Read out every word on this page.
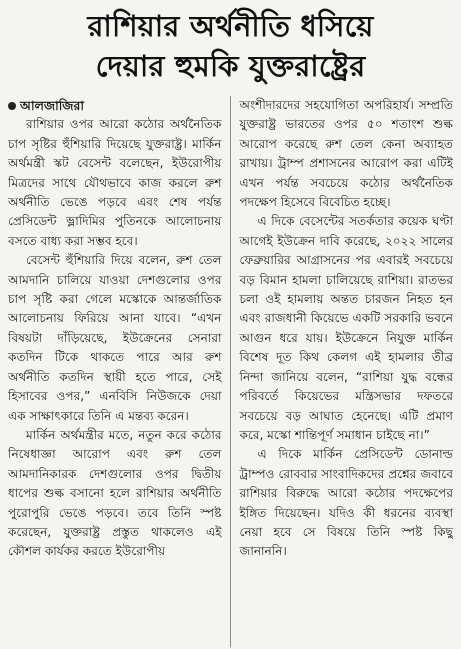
রাশিয়ার অর্থনীতি ধসিয়ে
দেয়ার হুমকি যুক্তরাষ্ট্রের
আলজাজিরা

রাশিয়ার ওপর আরো কঠোর অর্থনৈতিক চাপ সৃষ্টির হুঁশিয়ারি দিয়েছে যুক্তরাষ্ট্র। মার্কিন অর্থমন্ত্রী স্কট বেসেন্ট বলেছেন, ইউরোপীয় মিত্রদের সাথে যৌথভাবে কাজ করলে রুশ অর্থনীতি ভেঙে পড়বে এবং শেষ পর্যন্ত প্রেসিডেন্ট ভ্লাদিমির পুতিনকে আলোচনায় বসতে বাধ্য করা সম্ভব হবে।

বেসেন্ট হুঁশিয়ারি দিয়ে বলেন, রুশ তেল আমদানি চালিয়ে যাওয়া দেশগুলোর ওপর চাপ সৃষ্টি করা গেলে মস্কোকে আন্তর্জাতিক আলোচনায় ফিরিয়ে আনা যাবে। “এখন বিষয়টা দাঁড়িয়েছে, ইউক্রেনের সেনারা কতদিন টিকে থাকতে পারে আর রুশ অর্থনীতি কতদিন স্থায়ী হতে পারে, সেই হিসাবের ওপর,” এনবিসি নিউজকে দেয়া এক সাক্ষাৎকারে তিনি এ মন্তব্য করেন।

মার্কিন অর্থমন্ত্রীর মতে, নতুন করে কঠোর নিষেধাজ্ঞা আরোপ এবং রুশ তেল আমদানিকারক দেশগুলোর ওপর দ্বিতীয় ধাপের শুল্ক বসানো হলে রাশিয়ার অর্থনীতি পুরোপুরি ভেঙে পড়বে। তবে তিনি স্পষ্ট করেছেন, যুক্তরাষ্ট্র প্রস্তুত থাকলেও এই কৌশল কার্যকর করতে ইউরোপীয়

অংশীদারদের সহযোগিতা অপরিহার্য। সম্প্রতি যুক্তরাষ্ট্র ভারতের ওপর ৫০ শতাংশ শুল্ক আরোপ করেছে রুশ তেল কেনা অব্যাহত রাখায়। ট্রাম্প প্রশাসনের আরোপ করা এটিই এখন পর্যন্ত সবচেয়ে কঠোর অর্থনৈতিক পদক্ষেপ হিসেবে বিবেচিত হচ্ছে।

এ দিকে বেসেন্টের সতর্কতার কয়েক ঘণ্টা আগেই ইউক্রেন দাবি করেছে, ২০২২ সালের ফেব্রুয়ারির আগ্রাসনের পর এবারই সবচেয়ে বড় বিমান হামলা চালিয়েছে রাশিয়া। রাতভর চলা ওই হামলায় অন্তত চারজন নিহত হন এবং রাজধানী কিয়েভে একটি সরকারি ভবনে আগুন ধরে যায়। ইউক্রেনে নিযুক্ত মার্কিন বিশেষ দূত কিথ কেলগ এই হামলার তীব্র নিন্দা জানিয়ে বলেন, “রাশিয়া যুদ্ধ বন্ধের পরিবর্তে কিয়েভের মন্ত্রিসভার দফতরে সবচেয়ে বড় আঘাত হেনেছে। এটি প্রমাণ করে, মস্কো শান্তিপূর্ণ সমাধান চাইছে না।”

এ দিকে মার্কিন প্রেসিডেন্ট ডোনাল্ড ট্রাম্পও রোববার সাংবাদিকদের প্রশ্নের জবাবে রাশিয়ার বিরুদ্ধে আরো কঠোর পদক্ষেপের ইঙ্গিত দিয়েছেন। যদিও কী ধরনের ব্যবস্থা নেয়া হবে সে বিষয়ে তিনি স্পষ্ট কিছু জানাননি।
